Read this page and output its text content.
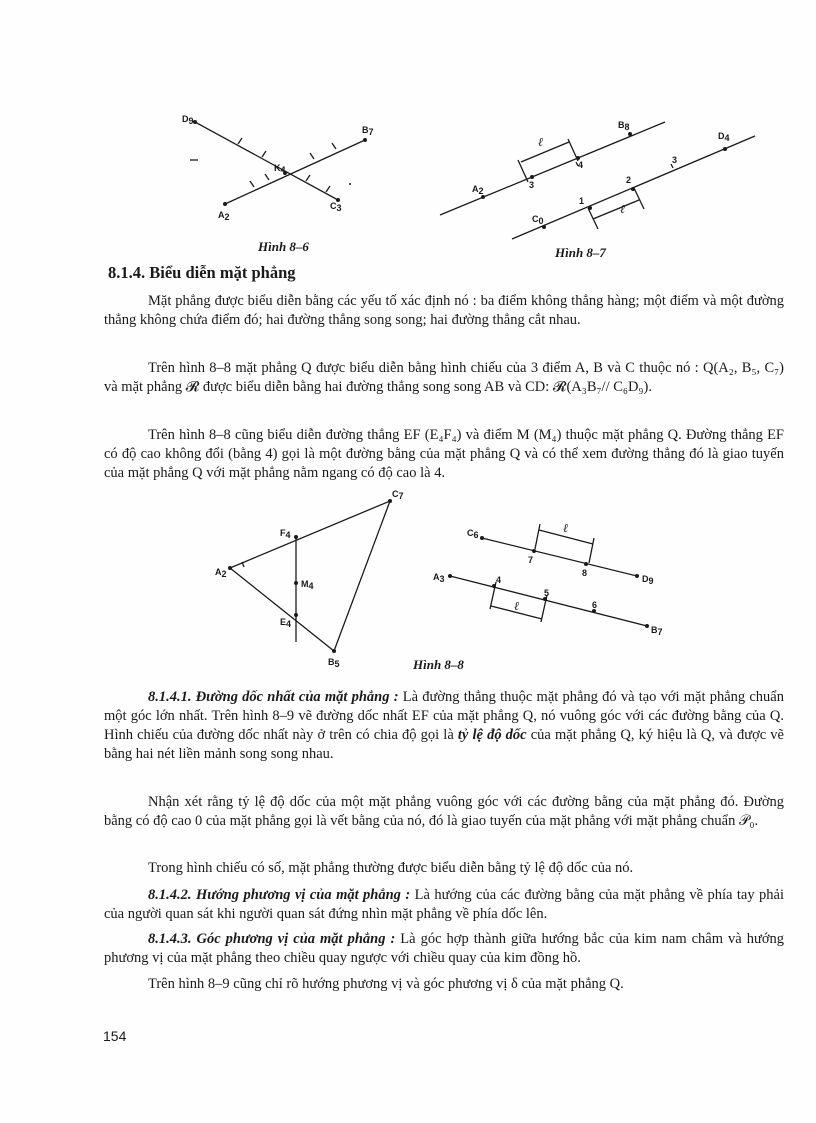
D9
B7
K4
A2
C3

Hình 8–6

ℓ
ℓ
B8
D4
A2
C0
3
4
1
2
3

Hình 8–7

8.1.4. Biểu diễn mặt phẳng

Mặt phẳng được biểu diễn bằng các yếu tố xác định nó : ba điểm không thẳng hàng; một điểm và một đường thẳng không chứa điểm đó; hai đường thẳng song song; hai đường thẳng cắt nhau.

Trên hình 8–8 mặt phẳng Q được biểu diễn bằng hình chiếu của 3 điểm A, B và C thuộc nó : Q(A₂, B₅, C₇) và mặt phẳng 𝓡 được biểu diễn bằng hai đường thẳng song song AB và CD: 𝓡(A₃B₇// C₆D₉).

Trên hình 8–8 cũng biểu diễn đường thẳng EF (E₄F₄) và điểm M (M₄) thuộc mặt phẳng Q. Đường thẳng EF có độ cao không đổi (bằng 4) gọi là một đường bằng của mặt phẳng Q và có thể xem đường thẳng đó là giao tuyến của mặt phẳng Q với mặt phẳng nằm ngang có độ cao là 4.

ℓ
ℓ
C7
F4
A2
M4
E4
B5
C6
D9
A3
B7
7
8
4
5
6

Hình 8–8

8.1.4.1. Đường dốc nhất của mặt phẳng : Là đường thẳng thuộc mặt phẳng đó và tạo với mặt phẳng chuẩn một góc lớn nhất. Trên hình 8–9 vẽ đường dốc nhất EF của mặt phẳng Q, nó vuông góc với các đường bằng của Q. Hình chiếu của đường dốc nhất này ở trên có chia độ gọi là tỷ lệ độ dốc của mặt phẳng Q, ký hiệu là Q, và được vẽ bằng hai nét liền mảnh song song nhau.

Nhận xét rằng tỷ lệ độ dốc của một mặt phẳng vuông góc với các đường bằng của mặt phẳng đó. Đường bằng có độ cao 0 của mặt phẳng gọi là vết bằng của nó, đó là giao tuyến của mặt phẳng với mặt phẳng chuẩn 𝒫₀.

Trong hình chiếu có số, mặt phẳng thường được biểu diễn bằng tỷ lệ độ dốc của nó.

8.1.4.2. Hướng phương vị của mặt phẳng : Là hướng của các đường bằng của mặt phẳng về phía tay phải của người quan sát khi người quan sát đứng nhìn mặt phẳng về phía dốc lên.

8.1.4.3. Góc phương vị của mặt phẳng : Là góc hợp thành giữa hướng bắc của kim nam châm và hướng phương vị của mặt phẳng theo chiều quay ngược với chiều quay của kim đồng hồ.

Trên hình 8–9 cũng chỉ rõ hướng phương vị và góc phương vị δ của mặt phẳng Q.

154
